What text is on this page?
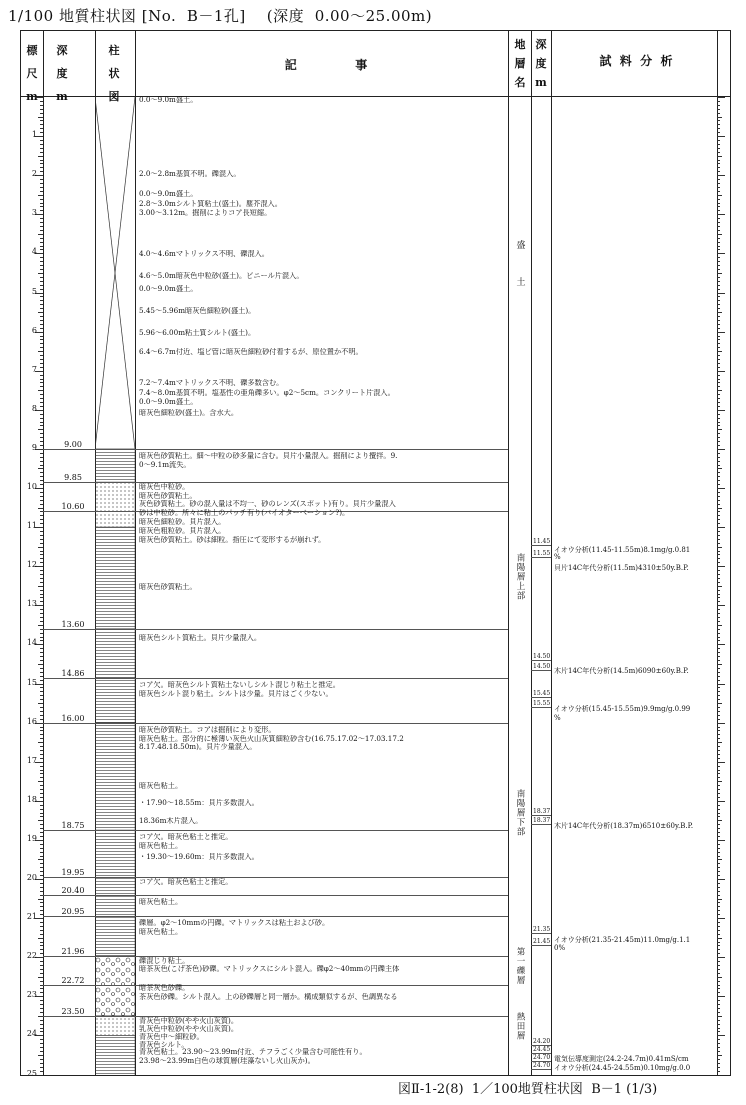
1/100 地質柱状図 [No.  B－1孔]    (深度  0.00～25.00m)
標 尺 m
深 度 m
柱 状 図
記              事
地 層 名
深 度 m
試  料  分  析
1
2
3
4
5
6
7
8
9
10
11
12
13
14
15
16
17
18
19
20
21
22
23
24
25
9.00
9.85
10.60
13.60
14.86
16.00
18.75
19.95
20.40
20.95
21.96
22.72
23.50
0.0～9.0m盛土。
2.0～2.8m基質不明。礫混入。
0.0～9.0m盛土。
2.8～3.0mシルト質粘土(盛土)。塵芥混入。
3.00～3.12m。掘削によりコア長短縮。
4.0～4.6mマトリックス不明、礫混入。
4.6～5.0m暗灰色中粒砂(盛土)。ビニール片混入。
0.0～9.0m盛土。
5.45～5.96m暗灰色細粒砂(盛土)。
5.96～6.00m粘土質シルト(盛土)。
6.4～6.7m付近、塩ビ管に暗灰色細粒砂付着するが、原位置か不明。
7.2～7.4mマトリックス不明、礫多数含む。
7.4～8.0m基質不明。塩基性の亜角礫多い。φ2～5cm。コンクリート片混入。
0.0～9.0m盛土。
暗灰色細粒砂(盛土)。含水大。
暗灰色砂質粘土。細～中粒の砂多量に含む。貝片小量混入。掘削により攪拌。9.
0～9.1m流失。
暗灰色中粒砂。
暗灰色砂質粘土。
灰色砂質粘土。砂の混入量は不均一、砂のレンズ(スポット)有り。貝片少量混入
砂は中粒砂。所々に粘土のパッチ有り(バイオターベーション?)。
暗灰色細粒砂。貝片混入。
暗灰色粗粒砂。貝片混入。
暗灰色砂質粘土。砂は細粒。指圧にて変形するが崩れず。
暗灰色砂質粘土。
暗灰色シルト質粘土。貝片少量混入。
コア欠。暗灰色シルト質粘土ないしシルト混じり粘土と推定。
暗灰色シルト混り粘土。シルトは少量。貝片はごく少ない。
暗灰色砂質粘土。コアは掘削により変形。
暗灰色粘土。部分的に極薄い灰色火山灰質細粒砂含む(16.75.17.02～17.03.17.2
8.17.48.18.50m)。貝片少量混入。
暗灰色粘土。
・17.90～18.55m：貝片多数混入。
18.36m木片混入。
コア欠。暗灰色粘土と推定。
暗灰色粘土。
・19.30～19.60m：貝片多数混入。
コア欠。暗灰色粘土と推定。
暗灰色粘土。
礫層。φ2～10mmの円礫。マトリックスは粘土および砂。
暗灰色粘土。
礫混じり粘土。
暗茶灰色(こげ茶色)砂礫。マトリックスにシルト混入。礫φ2～40mmの円礫主体
暗茶灰色砂礫。
茶灰色砂礫。シルト混入。上の砂礫層と同一層か。構成類似するが、色調異なる
青灰色中粒砂(やや火山灰質)。
乳灰色中粒砂(やや火山灰質)。
青灰色中～細粒砂。
青灰色シルト。
青灰色粘土。23.90～23.99m付近、テフラごく少量含む可能性有り。
23.98～23.99m白色の球質層(珪藻ないし火山灰か)。
盛
土
南陽層上部
南陽層下部
第一礫層
熱田層
11.45
11.55
14.50
14.50
15.45
15.55
18.37
18.37
21.35
21.45
24.20
24.45
24.70
24.70
イオウ分析(11.45-11.55m)8.1mg/g.0.81
%
貝片14C年代分析(11.5m)4310±50y.B.P.
木片14C年代分析(14.5m)6090±60y.B.P.
イオウ分析(15.45-15.55m)9.9mg/g.0.99
%
木片14C年代分析(18.37m)6510±60y.B.P.
イオウ分析(21.35-21.45m)11.0mg/g.1.1
0%
電気伝導度測定(24.2-24.7m)0.41mS/cm
イオウ分析(24.45-24.55m)0.10mg/g.0.0
図Ⅱ-1-2(8)  1／100地質柱状図  B－1 (1/3)
